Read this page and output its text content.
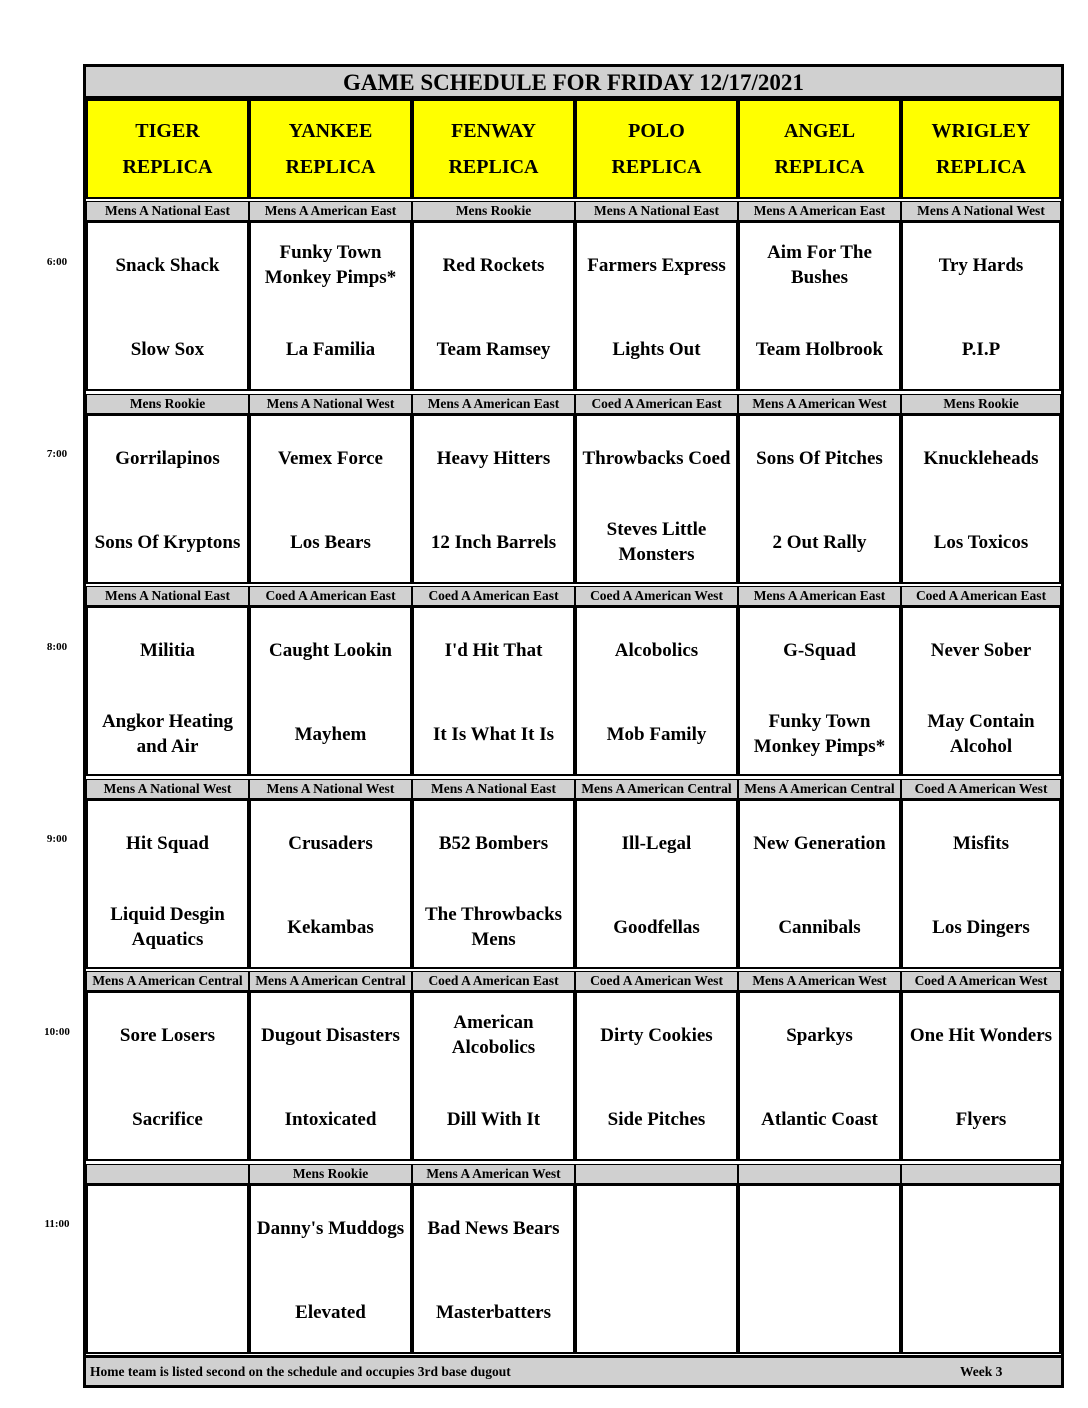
GAME SCHEDULE FOR FRIDAY 12/17/2021
Home team is listed second on the schedule and occupies 3rd base dugout	Week 3
TIGER
REPLICA
YANKEE
REPLICA
FENWAY
REPLICA
POLO
REPLICA
ANGEL
REPLICA
WRIGLEY
REPLICA
Mens A National East
Snack Shack
Slow Sox
Mens A American East
Funky Town Monkey Pimps*
La Familia
Mens Rookie
Red Rockets
Team Ramsey
Mens A National East
Farmers Express
Lights Out
Mens A American East
Aim For The Bushes
Team Holbrook
Mens A National West
Try Hards
P.I.P
Mens Rookie
Gorrilapinos
Sons Of Kryptons
Mens A National West
Vemex Force
Los Bears
Mens A American East
Heavy Hitters
12 Inch Barrels
Coed A American East
Throwbacks Coed
Steves Little Monsters
Mens A American West
Sons Of Pitches
2 Out Rally
Mens Rookie
Knuckleheads
Los Toxicos
Mens A National East
Militia
Angkor Heating and Air
Coed A American East
Caught Lookin
Mayhem
Coed A American East
I'd Hit That
It Is What It Is
Coed A American West
Alcobolics
Mob Family
Mens A American East
G-Squad
Funky Town Monkey Pimps*
Coed A American East
Never Sober
May Contain Alcohol
Mens A National West
Hit Squad
Liquid Desgin Aquatics
Mens A National West
Crusaders
Kekambas
Mens A National East
B52 Bombers
The Throwbacks Mens
Mens A American Central
Ill-Legal
Goodfellas
Mens A American Central
New Generation
Cannibals
Coed A American West
Misfits
Los Dingers
Mens A American Central
Sore Losers
Sacrifice
Mens A American Central
Dugout Disasters
Intoxicated
Coed A American East
American Alcobolics
Dill With It
Coed A American West
Dirty Cookies
Side Pitches
Mens A American West
Sparkys
Atlantic Coast
Coed A American West
One Hit Wonders
Flyers
Mens Rookie
Danny's Muddogs
Elevated
Mens A American West
Bad News Bears
Masterbatters
6:00
7:00
8:00
9:00
10:00
11:00
